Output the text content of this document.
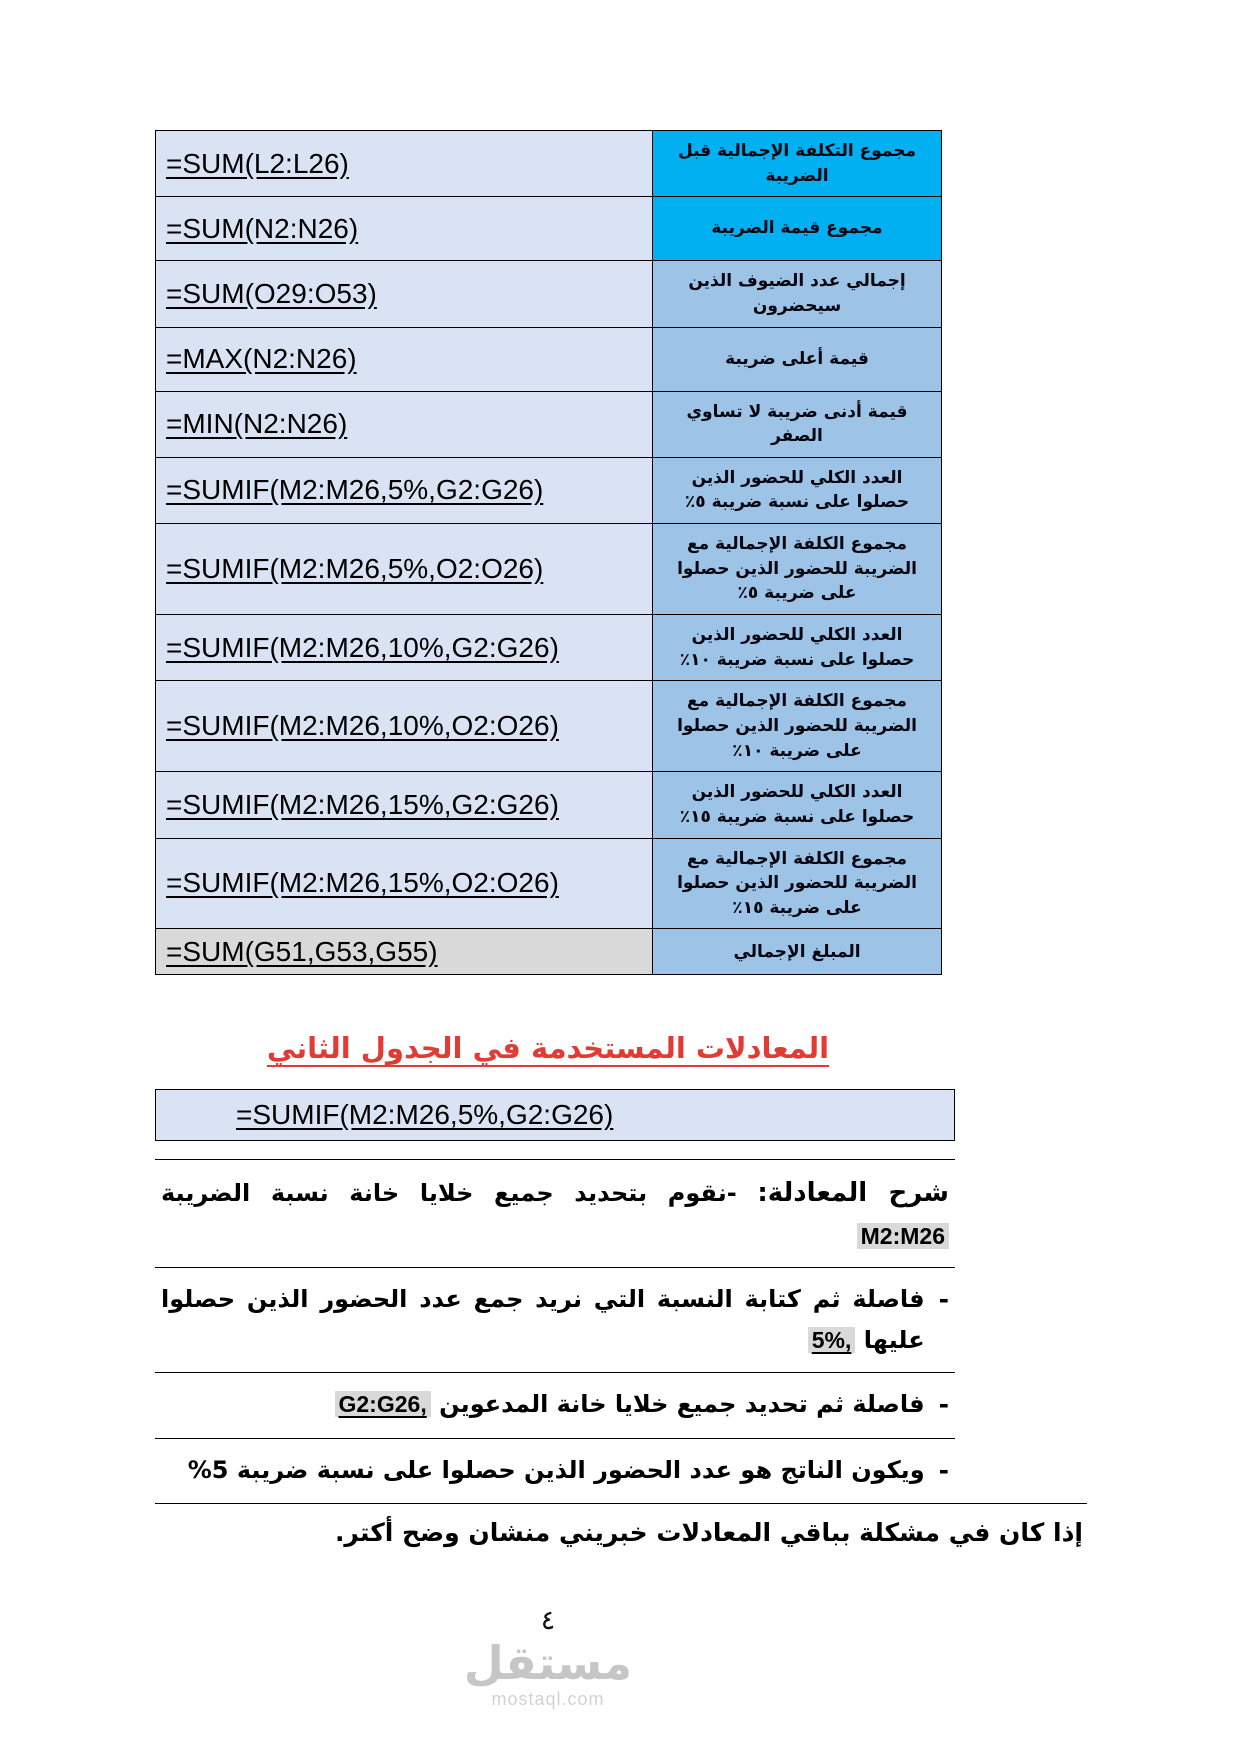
=SUM(L2:L26)	مجموع التكلفة الإجمالية قبل الضريبة
=SUM(N2:N26)	مجموع قيمة الضريبة
=SUM(O29:O53)	إجمالي عدد الضيوف الذين سيحضرون
=MAX(N2:N26)	قيمة أعلى ضريبة
=MIN(N2:N26)	قيمة أدنى ضريبة لا تساوي الصفر
=SUMIF(M2:M26,5%,G2:G26)	العدد الكلي للحضور الذين حصلوا على نسبة ضريبة ٥٪
=SUMIF(M2:M26,5%,O2:O26)	مجموع الكلفة الإجمالية مع الضريبة للحضور الذين حصلوا على ضريبة ٥٪
=SUMIF(M2:M26,10%,G2:G26)	العدد الكلي للحضور الذين حصلوا على نسبة ضريبة ١٠٪
=SUMIF(M2:M26,10%,O2:O26)	مجموع الكلفة الإجمالية مع الضريبة للحضور الذين حصلوا على ضريبة ١٠٪
=SUMIF(M2:M26,15%,G2:G26)	العدد الكلي للحضور الذين حصلوا على نسبة ضريبة ١٥٪
=SUMIF(M2:M26,15%,O2:O26)	مجموع الكلفة الإجمالية مع الضريبة للحضور الذين حصلوا على ضريبة ١٥٪
=SUM(G51,G53,G55)	المبلغ الإجمالي
المعادلات المستخدمة في الجدول الثاني
=SUMIF(M2:M26,5%,G2:G26)
شرح المعادلة: -نقوم بتحديد جميع خلايا خانة نسبة الضريبة M2:M26
-
فاصلة ثم كتابة النسبة التي نريد جمع عدد الحضور الذين حصلوا عليها 5%,
-
فاصلة ثم تحديد جميع خلايا خانة المدعوين G2:G26,
-
ويكون الناتج هو عدد الحضور الذين حصلوا على نسبة ضريبة 5%
إذا كان في مشكلة بباقي المعادلات خبريني منشان وضح أكتر.
٤
مستقل
mostaql.com
